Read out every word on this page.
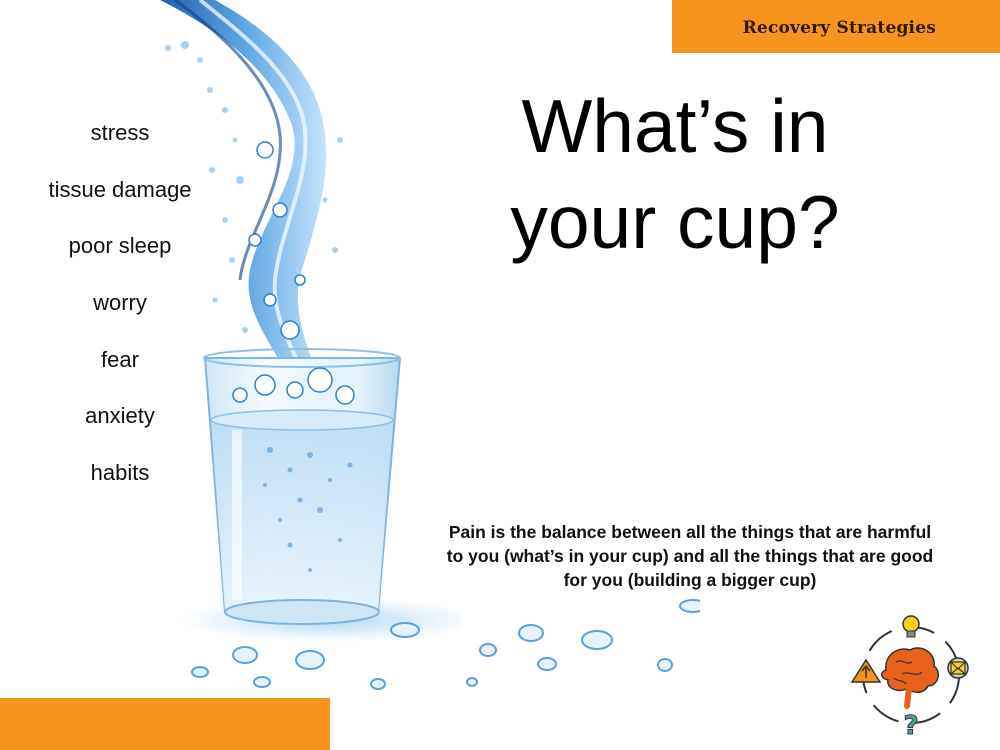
Recovery Strategies
stress
tissue damage
poor sleep
worry
fear
anxiety
habits
What’s in your cup?
Pain is the balance between all the things that are harmful to you (what’s in your cup) and all the things that are good for you (building a bigger cup)
?
